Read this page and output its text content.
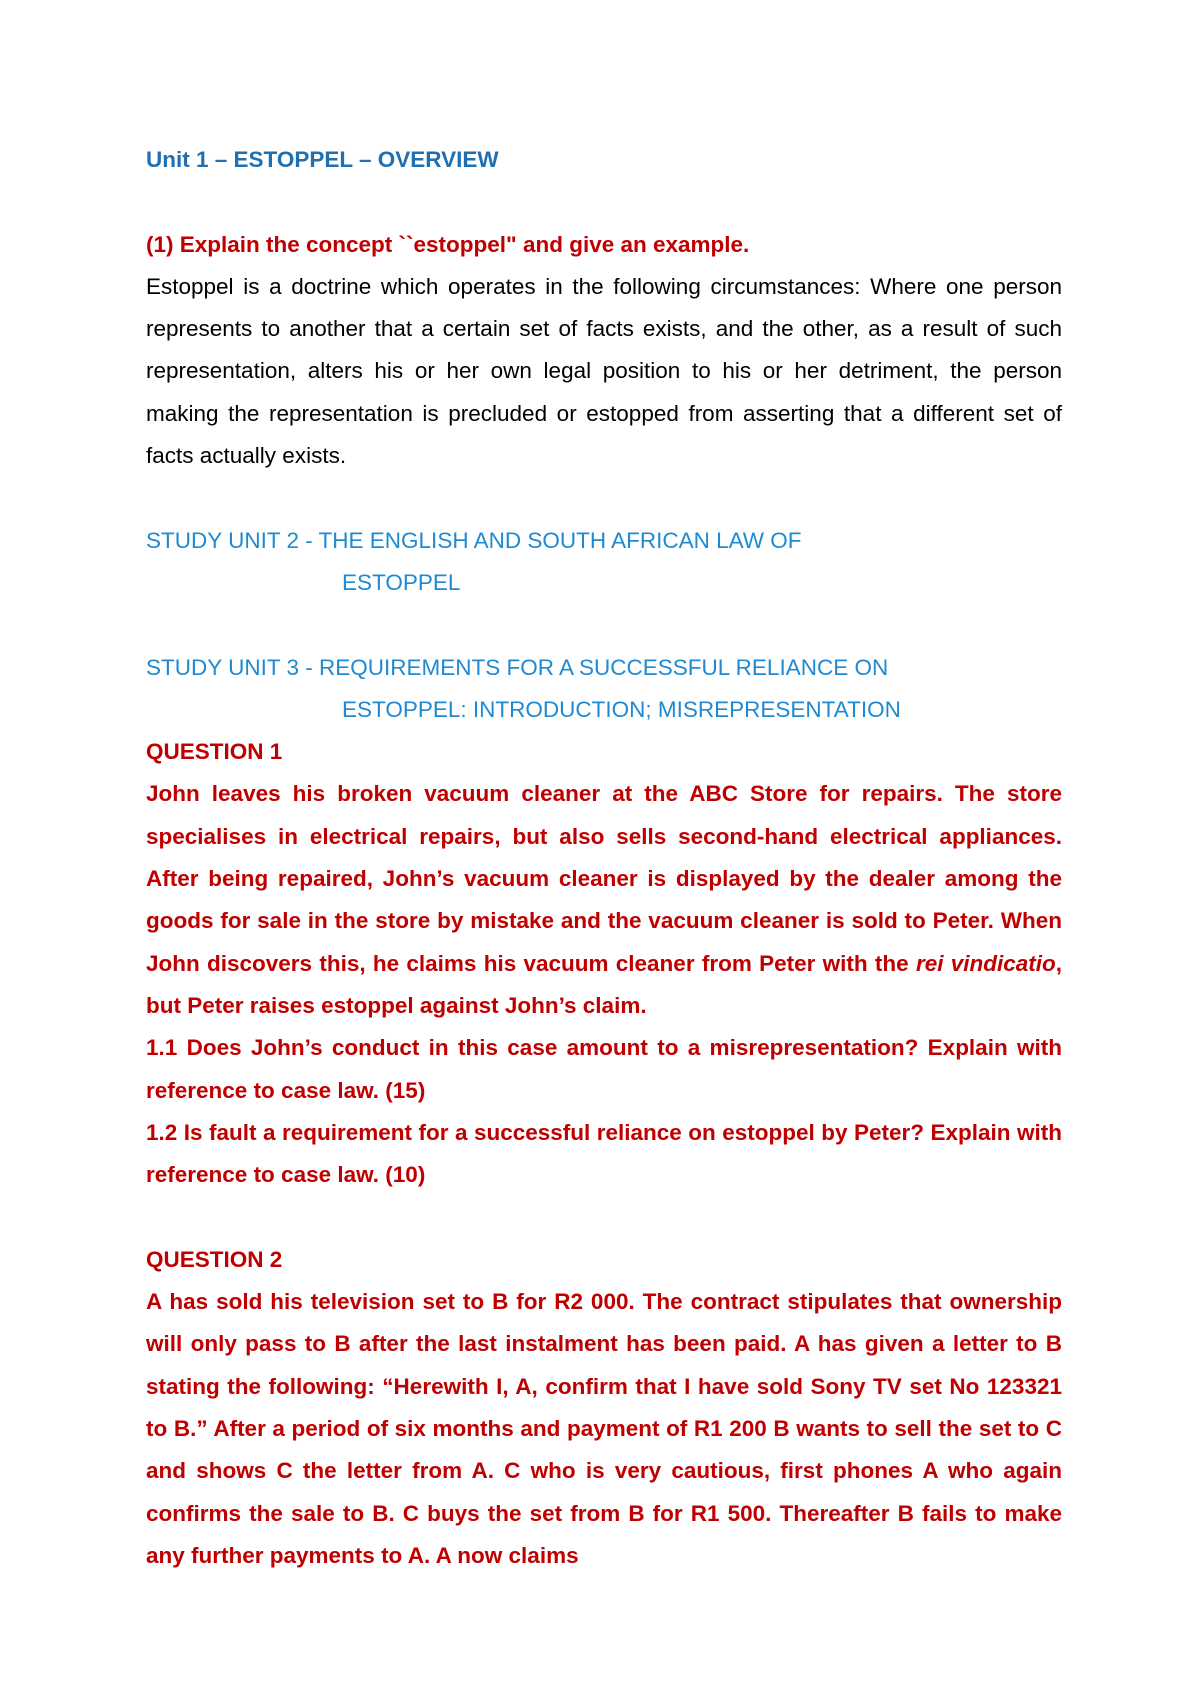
Unit 1 – ESTOPPEL – OVERVIEW

(1) Explain the concept ``estoppel" and give an example.

Estoppel is a doctrine which operates in the following circumstances: Where one person represents to another that a certain set of facts exists, and the other, as a result of such representation, alters his or her own legal position to his or her detriment, the person making the representation is precluded or estopped from asserting that a different set of facts actually exists.

STUDY UNIT 2 - THE ENGLISH AND SOUTH AFRICAN LAW OF
ESTOPPEL

STUDY UNIT 3 - REQUIREMENTS FOR A SUCCESSFUL RELIANCE ON
ESTOPPEL: INTRODUCTION; MISREPRESENTATION

QUESTION 1

John leaves his broken vacuum cleaner at the ABC Store for repairs. The store specialises in electrical repairs, but also sells second-hand electrical appliances. After being repaired, John’s vacuum cleaner is displayed by the dealer among the goods for sale in the store by mistake and the vacuum cleaner is sold to Peter. When John discovers this, he claims his vacuum cleaner from Peter with the rei vindicatio, but Peter raises estoppel against John’s claim.

1.1 Does John’s conduct in this case amount to a misrepresentation? Explain with reference to case law. (15)

1.2 Is fault a requirement for a successful reliance on estoppel by Peter? Explain with reference to case law. (10)

QUESTION 2

A has sold his television set to B for R2 000. The contract stipulates that ownership will only pass to B after the last instalment has been paid. A has given a letter to B stating the following: “Herewith I, A, confirm that I have sold Sony TV set No 123321 to B.” After a period of six months and payment of R1 200 B wants to sell the set to C and shows C the letter from A. C who is very cautious, first phones A who again confirms the sale to B. C buys the set from B for R1 500. Thereafter B fails to make any further payments to A. A now claims
